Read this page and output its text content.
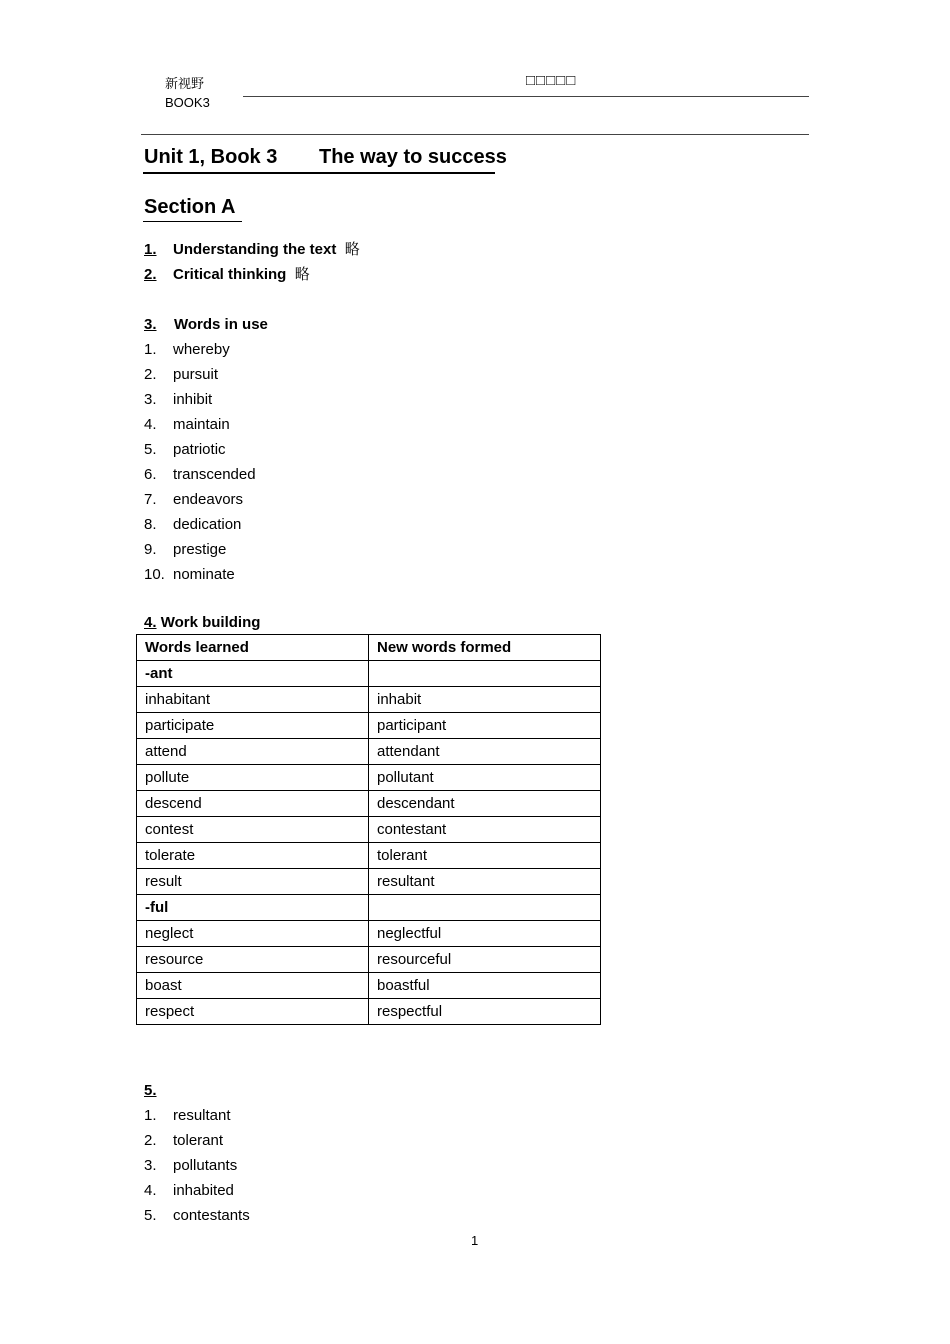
新视野
BOOK3
□□□□□
Unit 1, Book 3 The way to success
Section A
1. Understanding the text 略
2. Critical thinking 略
3. Words in use
1.	whereby
2.	pursuit
3.	inhibit
4.	maintain
5.	patriotic
6.	transcended
7.	endeavors
8.	dedication
9.	prestige
10. nominate
4. Work building
Words learned	New words formed
-ant	
inhabitant	inhabit
participate	participant
attend	attendant
pollute	pollutant
descend	descendant
contest	contestant
tolerate	tolerant
result	resultant
-ful	
neglect	neglectful
resource	resourceful
boast	boastful
respect	respectful
5.
1.	resultant
2.	tolerant
3.	pollutants
4.	inhabited
5.	contestants
1
